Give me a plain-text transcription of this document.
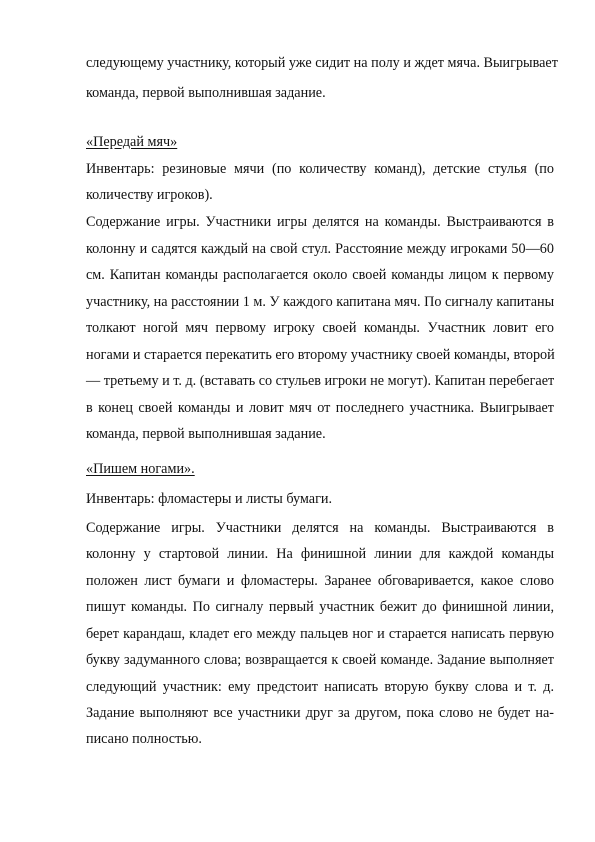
следующему участнику, который уже сидит на полу и ждет мяча. Выигрывает
команда, первой выполнившая задание.
«Передай мяч»
Инвентарь: резиновые мячи (по количеству команд), детские стулья (по
количеству игроков).
Содержание игры. Участники игры делятся на команды. Выстраиваются в
колонну и садятся каждый на свой стул. Расстояние между игроками 50—60
см. Капитан команды располагается около своей команды лицом к первому
участнику, на расстоянии 1 м. У каждого капитана мяч. По сигналу капитаны
толкают ногой мяч первому игроку своей команды. Участник ловит его
ногами и старается перекатить его второму участнику своей команды, второй
— третьему и т. д. (вставать со стульев игроки не могут). Капитан перебегает
в конец своей команды и ловит мяч от последнего участника. Выигрывает
команда, первой выполнившая задание.
«Пишем ногами».
Инвентарь: фломастеры и листы бумаги.
Содержание игры. Участники делятся на команды. Выстраиваются в
колонну у стартовой линии. На финишной линии для каждой команды
положен лист бумаги и фломастеры. Заранее обговаривается, какое слово
пишут команды. По сигналу первый участник бежит до финишной линии,
берет карандаш, кладет его между пальцев ног и старается написать первую
букву задуманного слова; возвращается к своей команде. Задание выполняет
следующий участник: ему предстоит написать вторую букву слова и т. д.
Задание выполняют все участники друг за другом, пока слово не будет на-
писано полностью.
